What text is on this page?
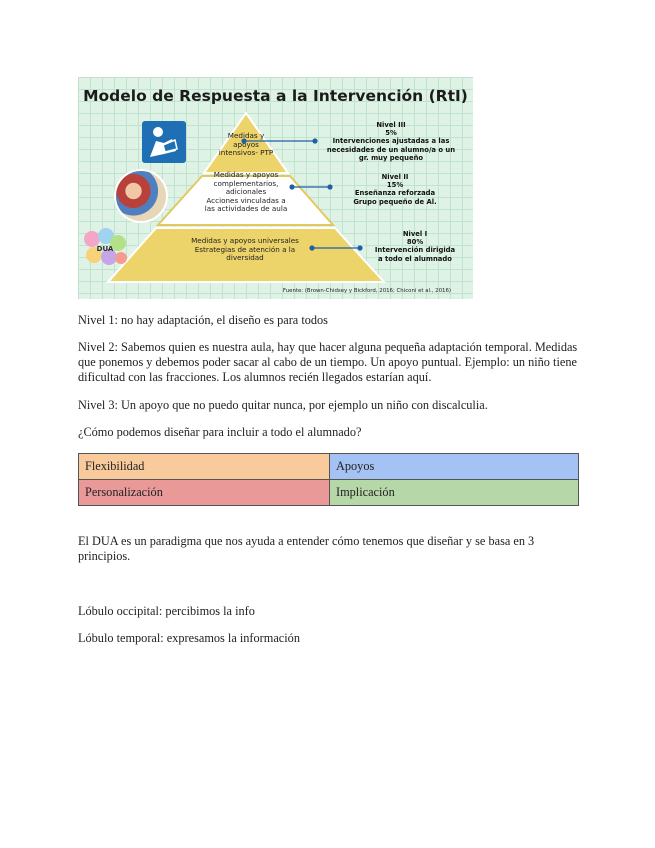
Modelo de Respuesta a la Intervención (RtI)
DUA
Medidas y
apoyos
intensivos- PTP
Medidas y apoyos
complementarios,
adicionales
Acciones vinculadas a
las actividades de aula
Medidas y apoyos universales
Estrategias de atención a la
diversidad
Nivel III
5%
Intervenciones ajustadas a las
necesidades de un alumno/a o un
gr. muy pequeño
Nivel II
15%
Enseñanza reforzada
Grupo pequeño de Al.
Nivel I
80%
Intervención dirigida
a todo el alumnado
Fuente: (Brown-Chidsey y Bickford, 2016; Chiconi et al., 2016)

Nivel 1: no hay adaptación, el diseño es para todos

Nivel 2: Sabemos quien es nuestra aula, hay que hacer alguna pequeña adaptación temporal. Medidas que ponemos y debemos poder sacar al cabo de un tiempo. Un apoyo puntual. Ejemplo: un niño tiene dificultad con las fracciones. Los alumnos recién llegados estarían aquí.

Nivel 3: Un apoyo que no puedo quitar nunca, por ejemplo un niño con discalculia.

¿Cómo podemos diseñar para incluir a todo el alumnado?

Flexibilidad	Apoyos
Personalización	Implicación

El DUA es un paradigma que nos ayuda a entender cómo tenemos que diseñar y se basa en 3 principios.

Lóbulo occipital: percibimos la info

Lóbulo temporal: expresamos la información
